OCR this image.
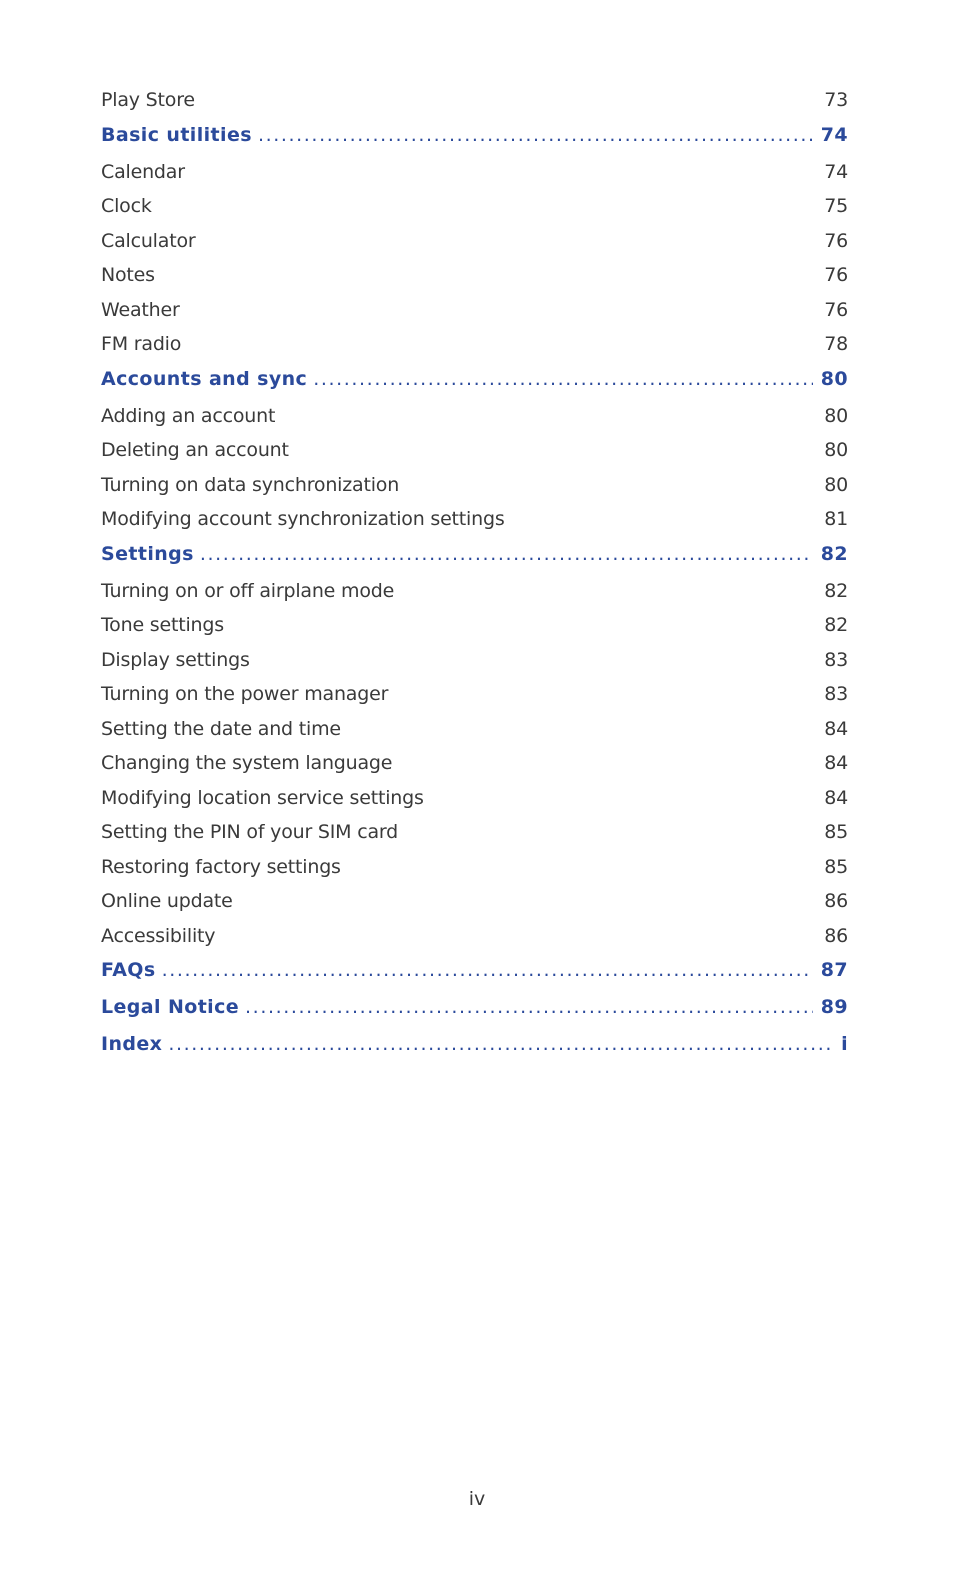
Play Store	73
Basic utilities .....	74
Calendar	74
Clock	75
Calculator	76
Notes	76
Weather	76
FM radio	78
Accounts and sync .....	80
Adding an account	80
Deleting an account	80
Turning on data synchronization	80
Modifying account synchronization settings	81
Settings .....	82
Turning on or off airplane mode	82
Tone settings	82
Display settings	83
Turning on the power manager	83
Setting the date and time	84
Changing the system language	84
Modifying location service settings	84
Setting the PIN of your SIM card	85
Restoring factory settings	85
Online update	86
Accessibility	86
FAQs .....	87
Legal Notice .....	89
Index .....	i
iv
